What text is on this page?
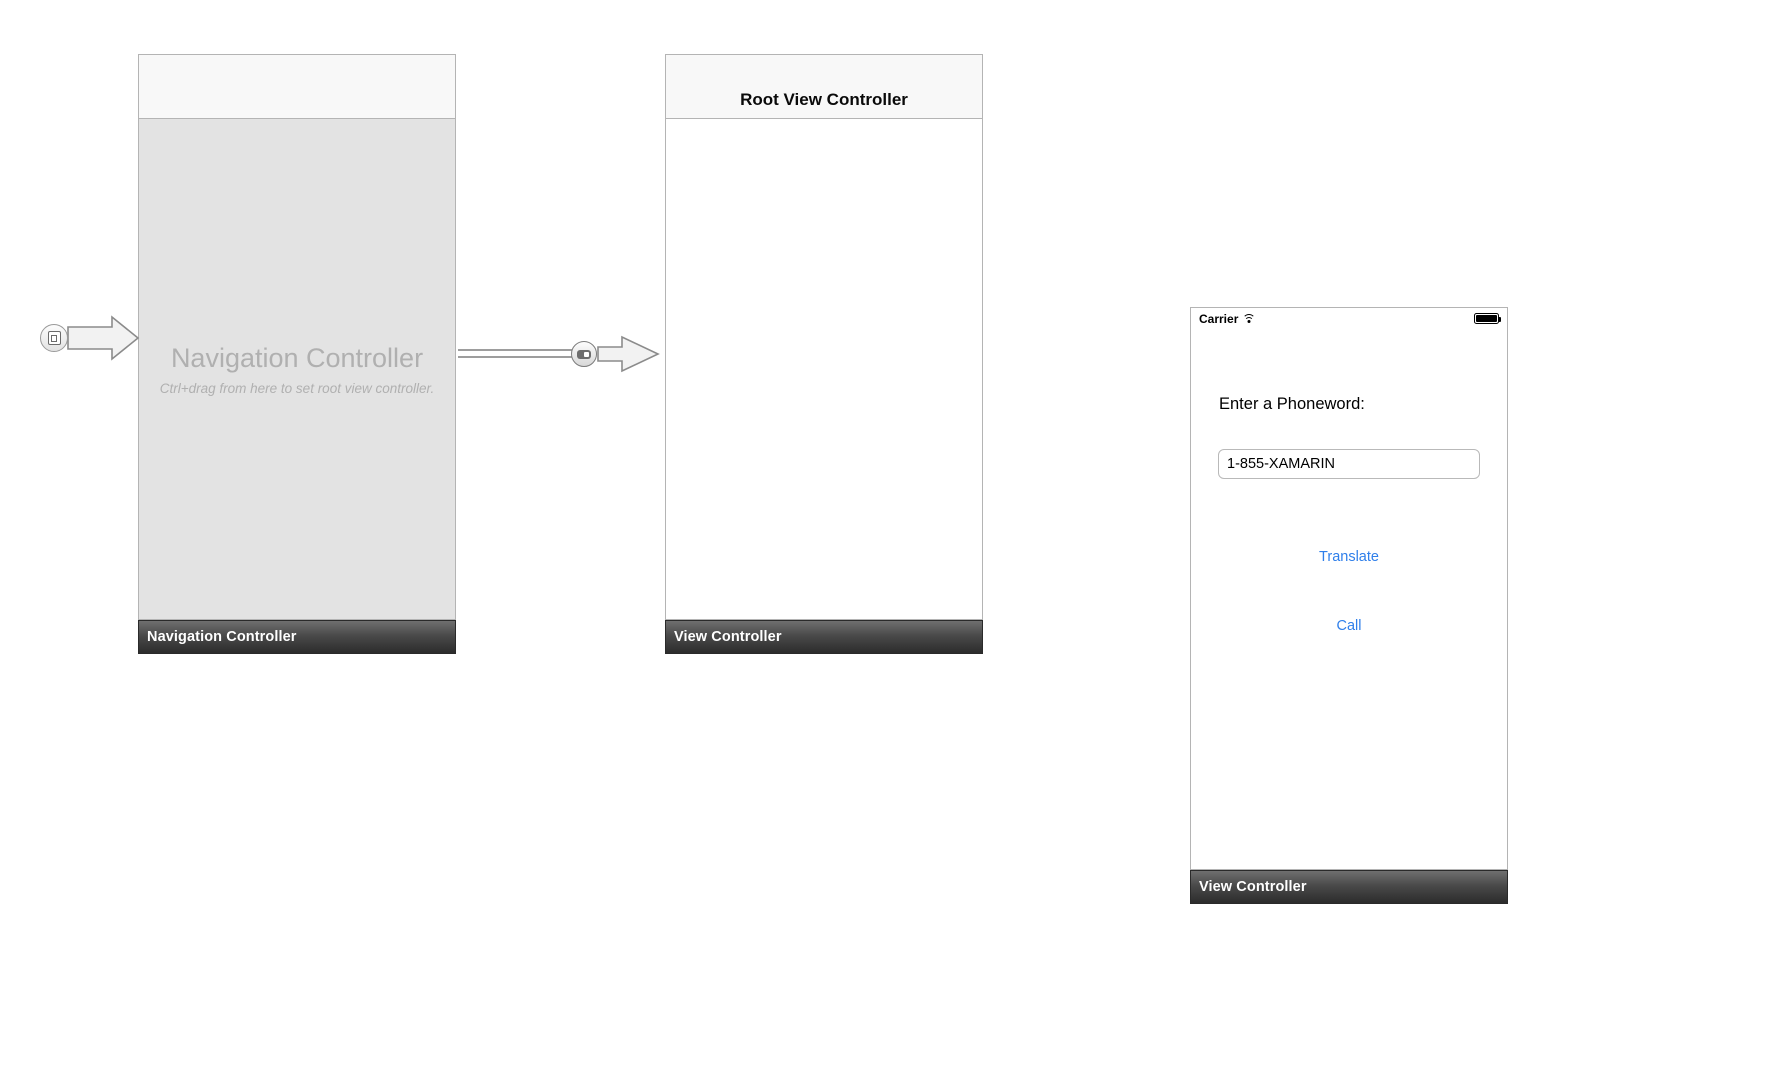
Navigation Controller
Ctrl+drag from here to set root view controller.
Navigation Controller
Root View Controller
View Controller
Carrier
Enter a Phoneword:
1-855-XAMARIN
Translate
Call
View Controller
